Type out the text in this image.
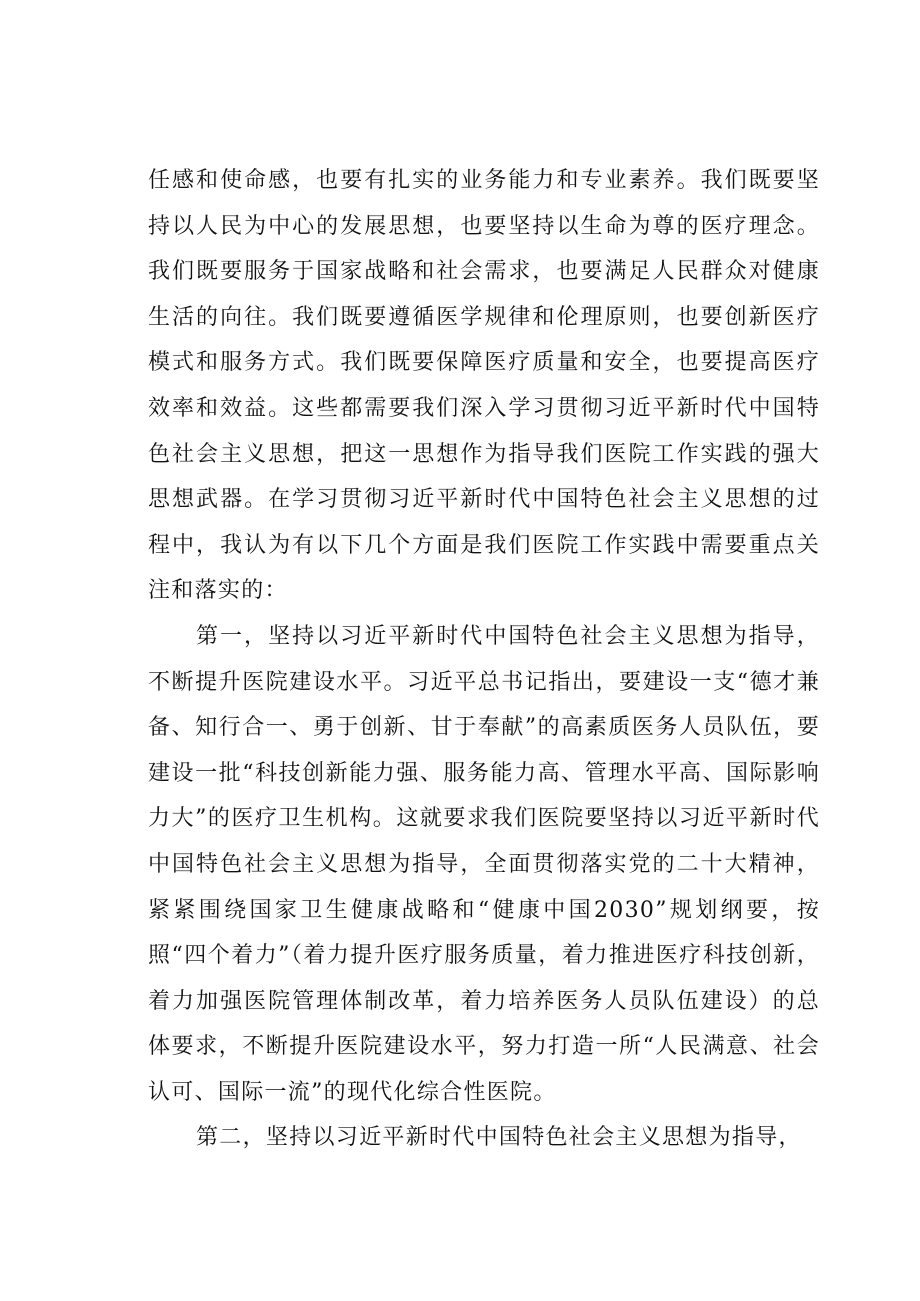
任感和使命感，也要有扎实的业务能力和专业素养。我们既要坚持以人民为中心的发展思想，也要坚持以生命为尊的医疗理念。我们既要服务于国家战略和社会需求，也要满足人民群众对健康生活的向往。我们既要遵循医学规律和伦理原则，也要创新医疗模式和服务方式。我们既要保障医疗质量和安全，也要提高医疗效率和效益。这些都需要我们深入学习贯彻习近平新时代中国特色社会主义思想，把这一思想作为指导我们医院工作实践的强大思想武器。在学习贯彻习近平新时代中国特色社会主义思想的过程中，我认为有以下几个方面是我们医院工作实践中需要重点关注和落实的：

第一，坚持以习近平新时代中国特色社会主义思想为指导，不断提升医院建设水平。习近平总书记指出，要建设一支“德才兼备、知行合一、勇于创新、甘于奉献”的高素质医务人员队伍，要建设一批“科技创新能力强、服务能力高、管理水平高、国际影响力大”的医疗卫生机构。这就要求我们医院要坚持以习近平新时代中国特色社会主义思想为指导，全面贯彻落实党的二十大精神，紧紧围绕国家卫生健康战略和“健康中国2030”规划纲要，按照“四个着力”（着力提升医疗服务质量，着力推进医疗科技创新，着力加强医院管理体制改革，着力培养医务人员队伍建设）的总体要求，不断提升医院建设水平，努力打造一所“人民满意、社会认可、国际一流”的现代化综合性医院。

第二，坚持以习近平新时代中国特色社会主义思想为指导，
